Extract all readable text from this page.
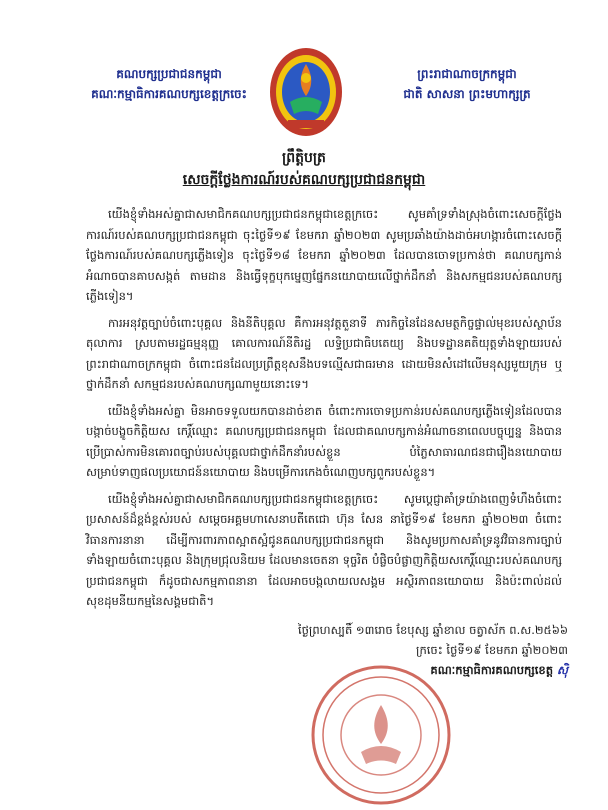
គណបក្សប្រជាជនកម្ពុជា
គណៈកម្មាធិការគណបក្សខេត្តក្រចេះ
ព្រះរាជាណាចក្រកម្ពុជា
ជាតិ សាសនា ព្រះមហាក្សត្រ
ព្រឹត្តិបត្រ
សេចក្តីថ្លែងការណ៍របស់គណបក្សប្រជាជនកម្ពុជា

យើងខ្ញុំទាំងអស់គ្នាជាសមាជិកគណបក្សប្រជាជនកម្ពុជាខេត្តក្រចេះ សូមគាំទ្រទាំងស្រុងចំពោះសេចក្តីថ្លែងការណ៍របស់គណបក្សប្រជាជនកម្ពុជា ចុះថ្ងៃទី១៩ ខែមករា ឆ្នាំ២០២៣ សូមប្រឆាំងយ៉ាងដាច់អហង្ការចំពោះសេចក្តីថ្លែងការណ៍របស់គណបក្សភ្លើងទៀន ចុះថ្ងៃទី១៨ ខែមករា ឆ្នាំ២០២៣ ដែលបានចោទប្រកាន់ថា គណបក្សកាន់អំណាចបានគាបសង្កត់ តាមដាន និងធ្វើទុក្ខបុកម្នេញផ្នែកនយោបាយលើថ្នាក់ដឹកនាំ និងសកម្មជនរបស់គណបក្សភ្លើងទៀន។

ការអនុវត្តច្បាប់ចំពោះបុគ្គល និងនីតិបុគ្គល គឺការអនុវត្តតួនាទី ភារកិច្ចនៃដែនសមត្ថកិច្ចផ្ទាល់មុខរបស់ស្ថាប័នតុលាការ ស្របតាមរដ្ឋធម្មនុញ្ញ គោលការណ៍នីតិរដ្ឋ លទ្ធិប្រជាធិបតេយ្យ និងបទដ្ឋានគតិយុត្តទាំងឡាយរបស់ព្រះរាជាណាចក្រកម្ពុជា ចំពោះជនដែលប្រព្រឹត្តខុសនឹងបទល្មើសជាធរមាន ដោយមិនសំដៅលើមនុស្សមួយក្រុម ឬថ្នាក់ដឹកនាំ សកម្មជនរបស់គណបក្សណាមួយនោះទេ។

យើងខ្ញុំទាំងអស់គ្នា មិនអាចទទួលយកបានដាច់ខាត ចំពោះការចោទប្រកាន់របស់គណបក្សភ្លើងទៀនដែលបានបង្កាច់បង្ខូចកិត្តិយស កេរ្តិ៍ឈ្មោះ គណបក្សប្រជាជនកម្ពុជា ដែលជាគណបក្សកាន់អំណាចនាពេលបច្ចុប្បន្ន និងបានប្រើប្រាស់ការមិនគោរពច្បាប់របស់បុគ្គលជាថ្នាក់ដឹកនាំរបស់ខ្លួន បំភ្លៃសាធារណជនជារឿងនយោបាយ សម្រាប់ទាញផលប្រយោជន៍នយោបាយ និងបម្រើការកេងចំណេញបក្សពួករបស់ខ្លួន។

យើងខ្ញុំទាំងអស់គ្នាជាសមាជិកគណបក្សប្រជាជនកម្ពុជាខេត្តក្រចេះ សូមប្តេជ្ញាគាំទ្រយ៉ាងពេញទំហឹងចំពោះប្រសាសន៍ដ៏ខ្ពង់ខ្ពស់របស់ សម្តេចអគ្គមហាសេនាបតីតេជោ ហ៊ុន សែន នាថ្ងៃទី១៩ ខែមករា ឆ្នាំ២០២៣ ចំពោះវិធានការនានា ដើម្បីការពារភាពស្អាតស្អំជូនគណបក្សប្រជាជនកម្ពុជា និងសូមប្រកាសគាំទ្រនូវវិធានការច្បាប់ទាំងឡាយចំពោះបុគ្គល និងក្រុមជ្រុលនិយម ដែលមានចេតនា ទុច្ចរិត បំផ្លិចបំផ្លាញកិត្តិយសកេរ្តិ៍ឈ្មោះរបស់គណបក្សប្រជាជនកម្ពុជា ក៏ដូចជាសកម្មភាពនានា ដែលអាចបង្កលាយលសង្គម អស្ថិរភាពនយោបាយ និងប៉ះពាល់ដល់សុខដុមនីយកម្មនៃសង្គមជាតិ។

ថ្ងៃព្រហស្បតិ៍ ១៣រោច ខែបុស្ស ឆ្នាំខាល ចត្វាស័ក ព.ស.២៥៦៦
ក្រចេះ ថ្ងៃទី១៩ ខែមករា ឆ្នាំ២០២៣
គណៈកម្មាធិការគណបក្សខេត្ត ស៊ិ
